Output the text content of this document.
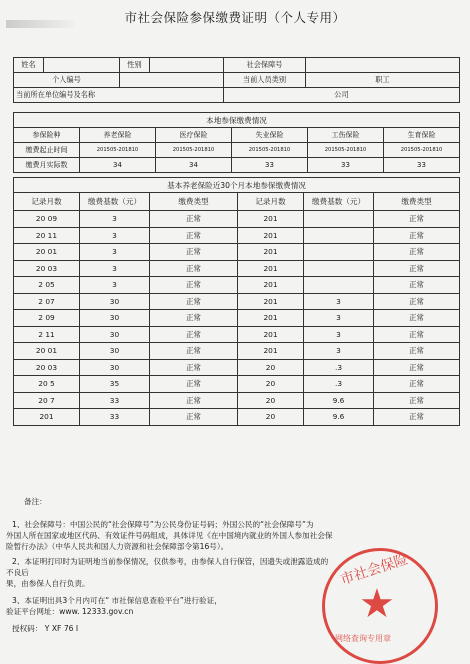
市社会保险参保缴费证明（个人专用）
姓名		性别		社会保障号	
个人编号				当前人员类别	职工
当前所在单位编号及名称				公司	
本地参保缴费情况					
参保险种	养老保险	医疗保险	失业保险	工伤保险	生育保险
缴费起止时间	201505-201810	201505-201810	201505-201810	201505-201810	201505-201810
缴费月实际数	34	34	33	33	33
基本养老保险近30个月本地参保缴费情况					
记录月数	缴费基数（元）	缴费类型	记录月数	缴费基数（元）	缴费类型
20 09	3	正常	201		正常
20 11	3	正常	201		正常
20 01	3	正常	201		正常
20 03	3	正常	201		正常
2 05	3	正常	201		正常
2 07	30	正常	201	3	正常
2 09	30	正常	201	3	正常
2 11	30	正常	201	3	正常
20 01	30	正常	201	3	正常
20 03	30	正常	20	.3	正常
20 5	35	正常	20	.3	正常
20 7	33	正常	20	9.6	正常
201	33	正常	20	9.6	正常
备注：
1、社会保障号：中国公民的“社会保障号”为公民身份证号码；外国公民的“社会保障号”为
外国人所在国家或地区代码、有效证件号码组成，具体详见《在中国境内就业的外国人参加社会保
险暂行办法》（中华人民共和国人力资源和社会保障部令第16号）。
2、本证明打印时为证明地当前参保情况，仅供参考，由参保人自行保管，因遗失或泄露造成的
不良后
果，由参保人自行负责。
3、本证明出具3个月内可在“ 市社保信息查验平台”进行验证，
验证平台网址：www. 12333.gov.cn
授权码： Y XF 76 I
市社会保险
★
网络查询专用章
